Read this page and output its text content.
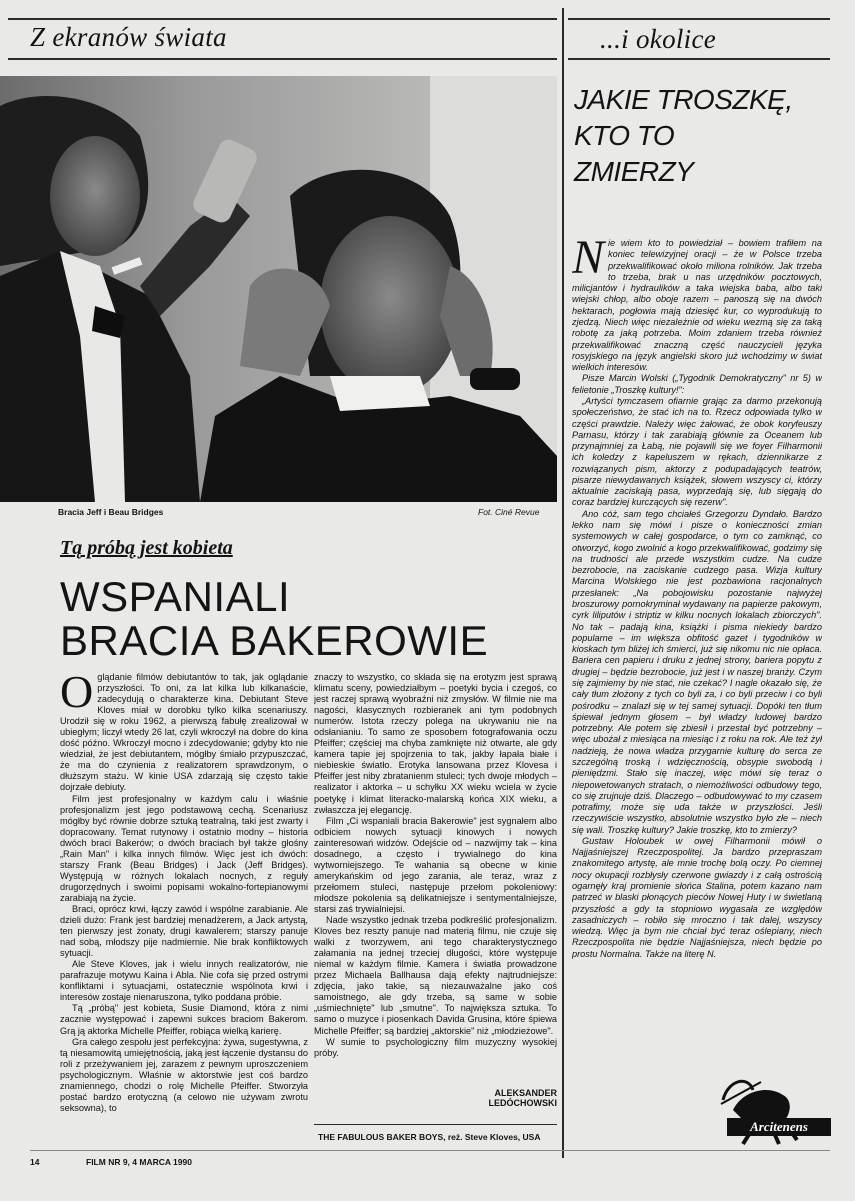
Z ekranów świata	...i okolice
Bracia Jeff i Beau Bridges	Fot. Ciné Revue
Tą próbą jest kobieta
WSPANIALI
BRACIA BAKEROWIE

Oglądanie filmów debiutantów to tak, jak oglądanie przyszłości. To oni, za lat kilka lub kilkanaście, zadecydują o charakterze kina. Debiutant Steve Kloves miał w dorobku tylko kilka scenariuszy. Urodził się w roku 1962, a pierwszą fabułę zrealizował w ubiegłym; liczył wtedy 26 lat, czyli wkroczył na dobre do kina dość późno. Wkroczył mocno i zdecydowanie; gdyby kto nie wiedział, że jest debiutantem, mógłby śmiało przypuszczać, że ma do czynienia z realizatorem sprawdzonym, o dłuższym stażu. W kinie USA zdarzają się często takie dojrzałe debiuty.

Film jest profesjonalny w każdym calu i właśnie profesjonalizm jest jego podstawową cechą. Scenariusz mógłby być równie dobrze sztuką teatralną, taki jest zwarty i dopracowany. Temat rutynowy i ostatnio modny – historia dwóch braci Bakerów; o dwóch braciach był także głośny „Rain Man" i kilka innych filmów. Więc jest ich dwóch: starszy Frank (Beau Bridges) i Jack (Jeff Bridges). Występują w różnych lokalach nocnych, z reguły drugorzędnych i swoimi popisami wokalno-fortepianowymi zarabiają na życie.

Braci, oprócz krwi, łączy zawód i wspólne zarabianie. Ale dzieli dużo: Frank jest bardziej menadżerem, a Jack artystą, ten pierwszy jest żonaty, drugi kawalerem; starszy panuje nad sobą, młodszy pije nadmiernie. Nie brak konfliktowych sytuacji.

Ale Steve Kloves, jak i wielu innych realizatorów, nie parafrazuje motywu Kaina i Abla. Nie cofa się przed ostrymi konfliktami i sytuacjami, ostatecznie wspólnota krwi i interesów zostaje nienaruszona, tylko poddana próbie.

Tą „próbą" jest kobieta, Susie Diamond, która z nimi zacznie występować i zapewni sukces braciom Bakerom. Grą ją aktorka Michelle Pfeiffer, robiąca wielką karierę.

Gra całego zespołu jest perfekcyjna: żywa, sugestywna, z tą niesamowitą umiejętnością, jaką jest łączenie dystansu do roli z przeżywaniem jej, zarazem z pewnym uproszczeniem psychologicznym. Właśnie w aktorstwie jest coś bardzo znamiennego, chodzi o rolę Michelle Pfeiffer. Stworzyła postać bardzo erotyczną (a celowo nie używam zwrotu seksowna), to

znaczy to wszystko, co składa się na erotyzm jest sprawą klimatu sceny, powiedziałbym – poetyki bycia i czegoś, co jest raczej sprawą wyobraźni niż zmysłów. W filmie nie ma nagości, klasycznych rozbieranek ani tym podobnych numerów. Istota rzeczy polega na ukrywaniu nie na odsłanianiu. To samo ze sposobem fotografowania oczu Pfeiffer; częściej ma chyba zamknięte niż otwarte, ale gdy kamera tapie jej spojrzenia to tak, jakby łapała białe i niebieskie światło. Erotyka lansowana przez Klovesa i Pfeiffer jest niby zbratanienm stuleci; tych dwoje młodych – realizator i aktorka – u schyłku XX wieku wciela w życie poetykę i klimat literacko-malarską końca XIX wieku, a zwłaszcza jej elegancję.

Film „Ci wspaniali bracia Bakerowie" jest sygnałem albo odbiciem nowych sytuacji kinowych i nowych zainteresowań widzów. Odejście od – nazwijmy tak – kina dosadnego, a często i trywialnego do kina wytworniejszego. Te wahania są obecne w kinie amerykańskim od jego zarania, ale teraz, wraz z przełomem stuleci, następuje przełom pokoleniowy: młodsze pokolenia są delikatniejsze i sentymentalniejsze, starsi zaś trywialniejsi.

Nade wszystko jednak trzeba podkreślić profesjonalizm. Kloves bez reszty panuje nad materią filmu, nie czuje się walki z tworzywem, ani tego charakterystycznego załamania na jednej trzeciej długości, które występuje niemal w każdym filmie. Kamera i światła prowadzone przez Michaela Ballhausa dają efekty najtrudniejsze: zdjęcia, jako takie, są niezauważalne jako coś samoistnego, ale gdy trzeba, są same w sobie „uśmiechnięte" lub „smutne". To największa sztuka. To samo o muzyce i piosenkach Davida Grusina, które śpiewa Michelle Pfeiffer; są bardziej „aktorskie" niż „młodzieżowe".

W sumie to psychologiczny film muzyczny wysokiej próby.

ALEKSANDER
LEDÓCHOWSKI
THE FABULOUS BAKER BOYS, reż. Steve Kloves, USA
JAKIE TROSZKĘ,
KTO TO
ZMIERZY

Nie wiem kto to powiedział – bowiem trafiłem na koniec telewizyjnej oracji – że w Polsce trzeba przekwalifikować około miliona rolników. Jak trzeba to trzeba, brak u nas urzędników pocztowych, milicjantów i hydraulików a taka wiejska baba, albo taki wiejski chłop, albo oboje razem – panoszą się na dwóch hektarach, pogłowia mają dziesięć kur, co wyprodukują to zjedzą. Niech więc niezależnie od wieku wezmą się za taką robotę za jaką potrzeba. Moim zdaniem trzeba również przekwalifikować znaczną część nauczycieli języka rosyjskiego na język angielski skoro już wchodzimy w świat wielkich interesów.

Pisze Marcin Wolski („Tygodnik Demokratyczny" nr 5) w felietonie „Troszkę kultury!":

„Artyści tymczasem ofiarnie grając za darmo przekonują społeczeństwo, że stać ich na to. Rzecz odpowiada tylko w części prawdzie. Należy więc żałować, że obok koryfeuszy Parnasu, którzy i tak zarabiają głównie za Oceanem lub przynajmniej za Łabą, nie pojawili się we foyer Filharmonii ich koledzy z kapeluszem w rękach, dziennikarze z rozwiązanych pism, aktorzy z podupadających teatrów, pisarze niewydawanych książek, słowem wszyscy ci, którzy aktualnie zaciskają pasa, wyprzedają się, lub sięgają do coraz bardziej kurczących się rezerw".

Ano cóż, sam tego chciałeś Grzegorzu Dyndało. Bardzo lekko nam się mówi i pisze o konieczności zmian systemowych w całej gospodarce, o tym co zamknąć, co otworzyć, kogo zwolnić a kogo przekwalifikować, godzimy się na trudności ale przede wszystkim cudze. Na cudze bezrobocie, na zaciskanie cudzego pasa. Wizja kultury Marcina Wolskiego nie jest pozbawiona racjonalnych przesłanek: „Na pobojowisku pozostanie najwyżej broszurowy pornokryminał wydawany na papierze pakowym, cyrk liliputów i striptiz w kilku nocnych lokalach zbiorczych". No tak – padają kina, książki i pisma niekiedy bardzo popularne – im większa obfitość gazet i tygodników w kioskach tym bliżej ich śmierci, już się nikomu nic nie opłaca. Bariera cen papieru i druku z jednej strony, bariera popytu z drugiej – będzie bezrobocie, już jest i w naszej branży. Czym się zajmiemy by nie stać, nie czekać? I nagle okazało się, że cały tłum złożony z tych co byli za, i co byli przeciw i co byli pośrodku – znalazł się w tej samej sytuacji. Dopóki ten tłum śpiewał jednym głosem – był władzy ludowej bardzo potrzebny. Ale potem się zbiesił i przestał być potrzebny – więc ubożał z miesiąca na miesiąc i z roku na rok. Ale też żył nadzieją, że nowa władza przygarnie kulturę do serca ze szczególną troską i wdzięcznością, obsypie swobodą i pieniędzmi. Stało się inaczej, więc mówi się teraz o niepowetowanych stratach, o niemożliwości odbudowy tego, co się zrujnuje dziś. Dlaczego – odbudowywać to my czasem potrafimy, może się uda także w przyszłości. Jeśli rzeczywiście wszystko, absolutnie wszystko było złe – niech się wali. Troszkę kultury? Jakie troszkę, kto to zmierzy?

Gustaw Holoubek w owej Filharmonii mówił o Najjaśniejszej Rzeczpospolitej. Ja bardzo przepraszam znakomitego artystę, ale mnie trochę bolą oczy. Po ciemnej nocy okupacji rozbłysły czerwone gwiazdy i z całą ostrością ogarnęły kraj promienie słońca Stalina, potem kazano nam patrzeć w blaski płonących pieców Nowej Huty i w świetlaną przyszłość a gdy ta stopniowo wygasała ze względów zasadniczych – robiło się mroczno i tak dalej, wszyscy wiedzą. Więc ja bym nie chciał być teraz oślepiany, niech Rzeczpospolita nie będzie Najjaśniejsza, niech będzie po prostu Normalna. Także na literę N.

Arcitenens
14	FILM NR 9, 4 MARCA 1990
